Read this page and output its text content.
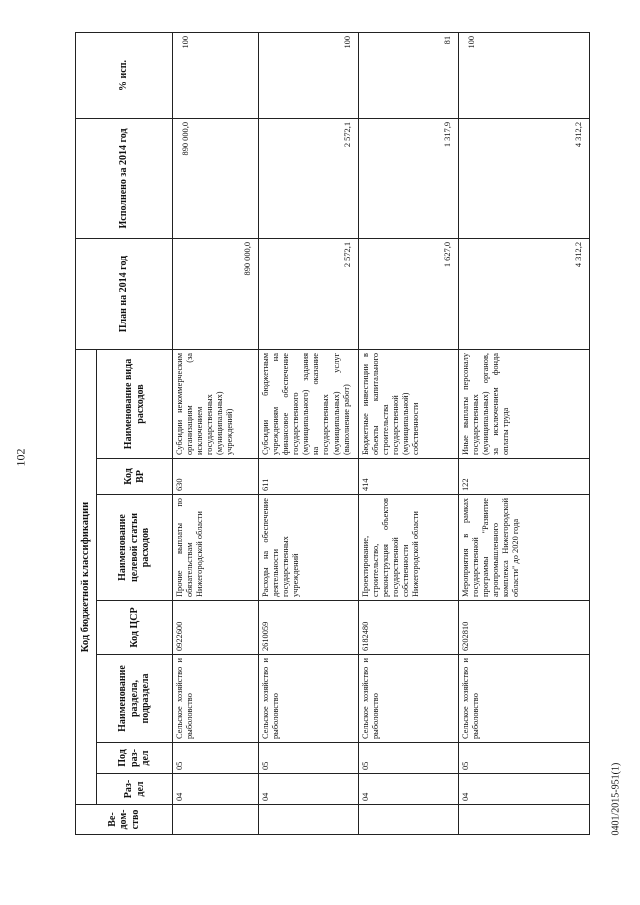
102
0401/2015-951(1)
Ве-дом-ство	Код бюджетной классификации							План на 2014 год	Исполнено за 2014 год	% исп.
	Раз-дел	Под раз-дел	Наименование раздела, подраздела	Код ЦСР	Наименование целевой статьи расходов	Код ВР	Наименование вида расходов			
	04	05	Сельское хозяйство и рыболовство	0922600	Прочие выплаты по обязательствам Нижегородской области	630	Субсидии некоммерческим организациям (за исключением государственных (муниципальных) учреждений)	890 000,0	890 000,0	100
	04	05	Сельское хозяйство и рыболовство	2610059	Расходы на обеспечение деятельности государственных учреждений	611	Субсидии бюджетным учреждениям на финансовое обеспечение государственного (муниципального) задания на оказание государственных (муниципальных) услуг (выполнение работ)	2 572,1	2 572,1	100
	04	05	Сельское хозяйство и рыболовство	6182480	Проектирование, строительство, реконструкция объектов государственной собственности Нижегородской области	414	Бюджетные инвестиции в объекты капитального строительства государственной (муниципальной) собственности	1 627,0	1 317,9	81
	04	05	Сельское хозяйство и рыболовство	6202810	Мероприятия в рамках государственной программы "Развитие агропромышленного комплекса Нижегородской области" до 2020 года	122	Иные выплаты персоналу государственных (муниципальных) органов, за исключением фонда оплаты труда	4 312,2	4 312,2	100
